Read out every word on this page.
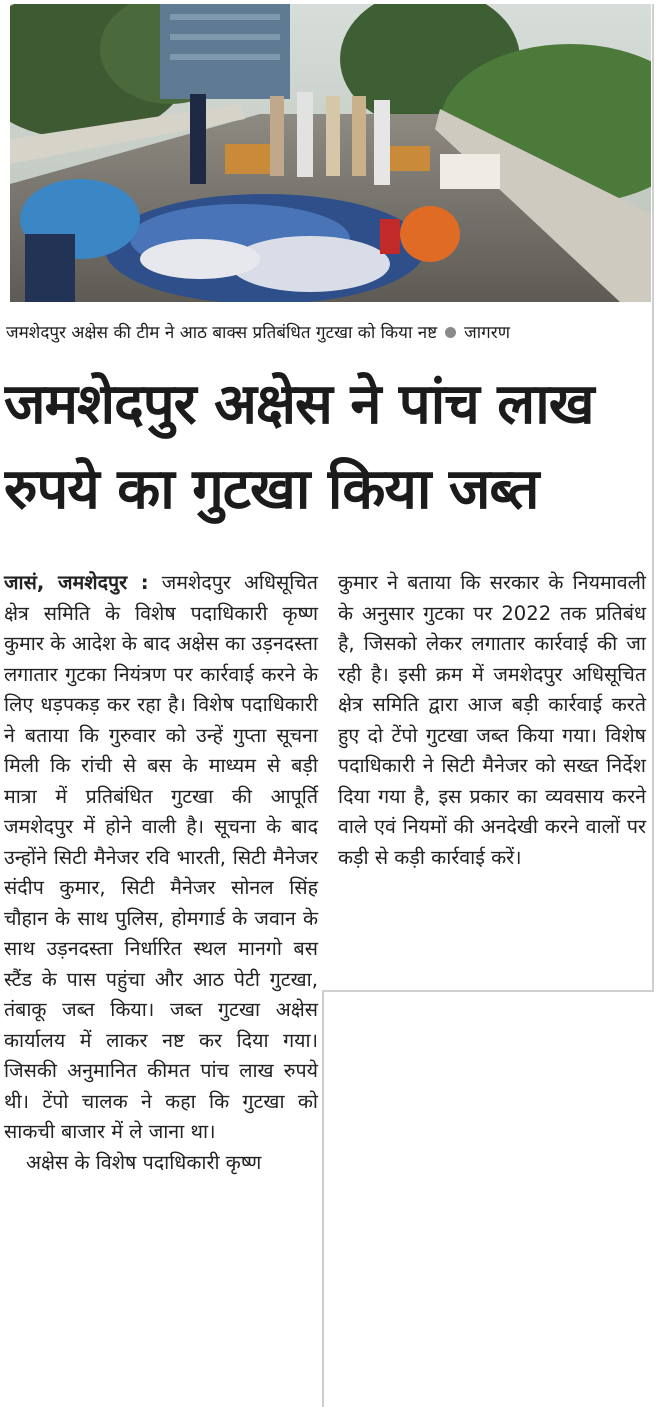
जमशेदपुर अक्षेस की टीम ने आठ बाक्स प्रतिबंधित गुटखा को किया नष्ट जागरण
जमशेदपुर अक्षेस ने पांच लाख
रुपये का गुटखा किया जब्त

जासं, जमशेदपुर : जमशेदपुर अधिसूचित क्षेत्र समिति के विशेष पदाधिकारी कृष्ण कुमार के आदेश के बाद अक्षेस का उड़नदस्ता लगातार गुटका नियंत्रण पर कार्रवाई करने के लिए धड़पकड़ कर रहा है। विशेष पदाधिकारी ने बताया कि गुरुवार को उन्हें गुप्ता सूचना मिली कि रांची से बस के माध्यम से बड़ी मात्रा में प्रतिबंधित गुटखा की आपूर्ति जमशेदपुर में होने वाली है। सूचना के बाद उन्होंने सिटी मैनेजर रवि भारती, सिटी मैनेजर संदीप कुमार, सिटी मैनेजर सोनल सिंह चौहान के साथ पुलिस, होमगार्ड के जवान के साथ उड़नदस्ता निर्धारित स्थल मानगो बस स्टैंड के पास पहुंचा और आठ पेटी गुटखा, तंबाकू जब्त किया। जब्त गुटखा अक्षेस कार्यालय में लाकर नष्ट कर दिया गया। जिसकी अनुमानित कीमत पांच लाख रुपये थी। टेंपो चालक ने कहा कि गुटखा को साकची बाजार में ले जाना था।

अक्षेस के विशेष पदाधिकारी कृष्ण

कुमार ने बताया कि सरकार के नियमावली के अनुसार गुटका पर 2022 तक प्रतिबंध है, जिसको लेकर लगातार कार्रवाई की जा रही है। इसी क्रम में जमशेदपुर अधिसूचित क्षेत्र समिति द्वारा आज बड़ी कार्रवाई करते हुए दो टेंपो गुटखा जब्त किया गया। विशेष पदाधिकारी ने सिटी मैनेजर को सख्त निर्देश दिया गया है, इस प्रकार का व्यवसाय करने वाले एवं नियमों की अनदेखी करने वालों पर कड़ी से कड़ी कार्रवाई करें।
